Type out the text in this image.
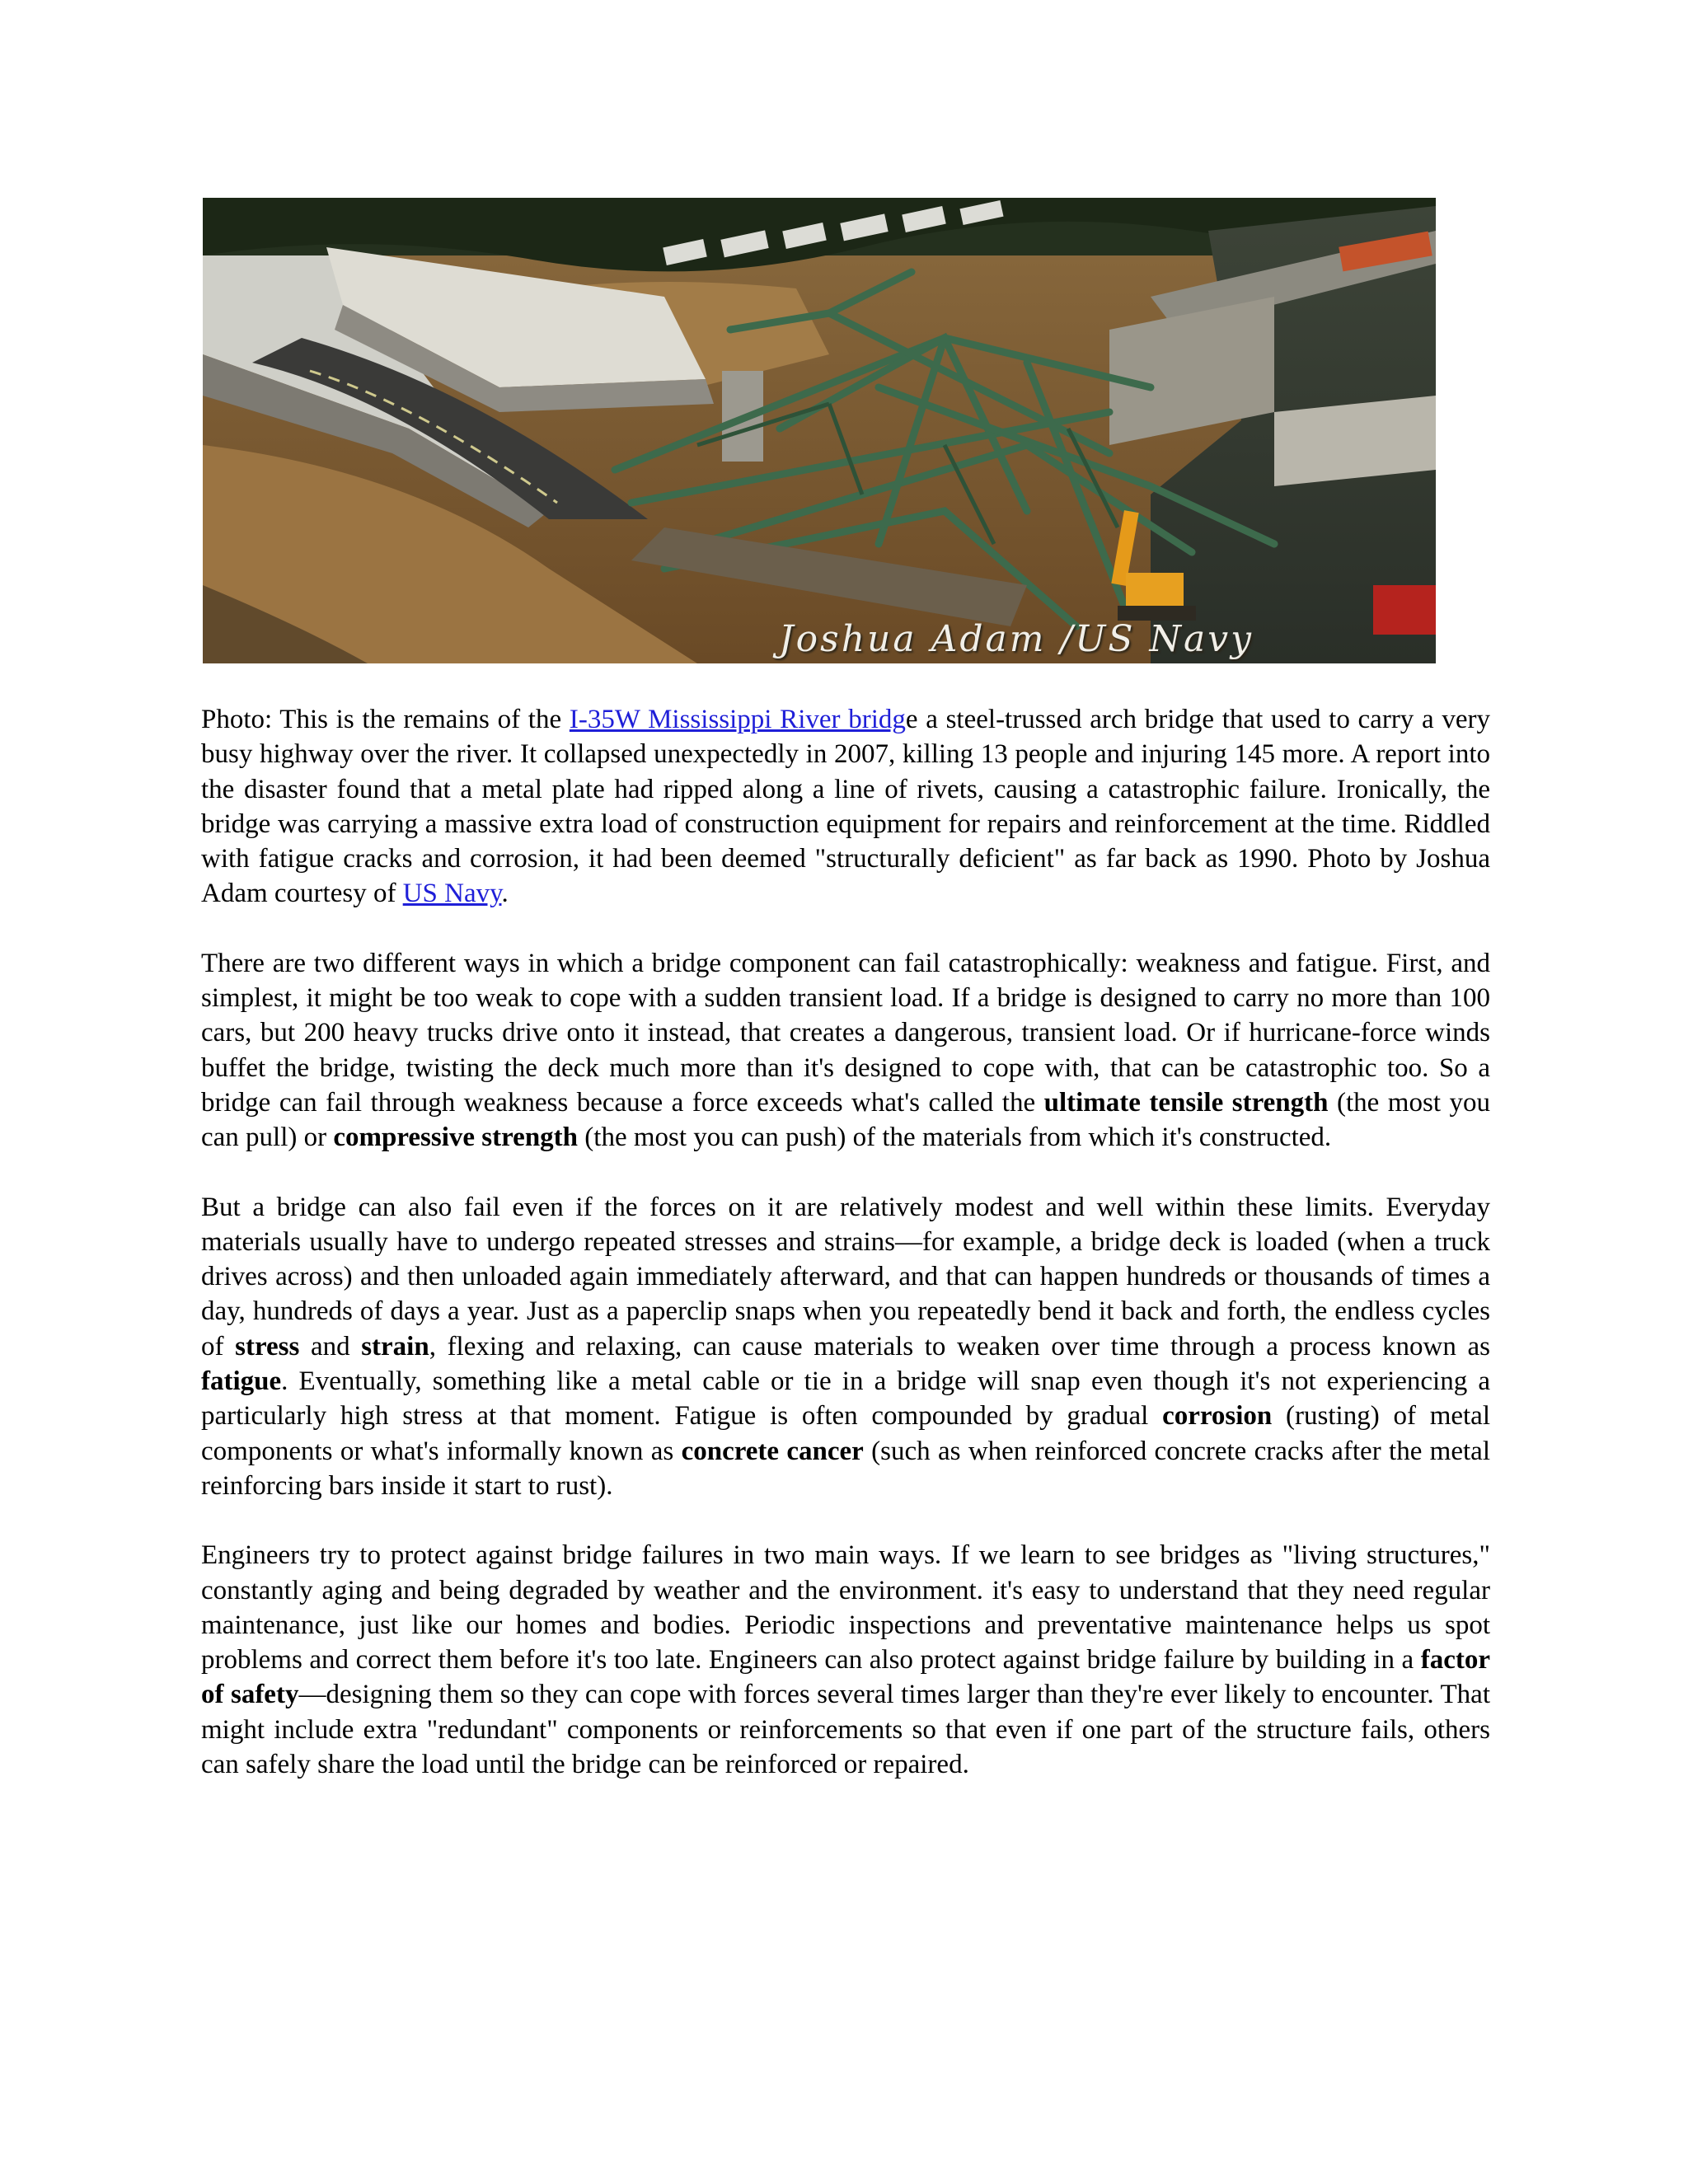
Joshua Adam /US Navy

Photo: This is the remains of the I-35W Mississippi River bridge a steel-trussed arch bridge that used to carry a very busy highway over the river. It collapsed unexpectedly in 2007, killing 13 people and injuring 145 more. A report into the disaster found that a metal plate had ripped along a line of rivets, causing a catastrophic failure. Ironically, the bridge was carrying a massive extra load of construction equipment for repairs and reinforcement at the time. Riddled with fatigue cracks and corrosion, it had been deemed "structurally deficient" as far back as 1990. Photo by Joshua Adam courtesy of US Navy.

There are two different ways in which a bridge component can fail catastrophically: weakness and fatigue. First, and simplest, it might be too weak to cope with a sudden transient load. If a bridge is designed to carry no more than 100 cars, but 200 heavy trucks drive onto it instead, that creates a dangerous, transient load. Or if hurricane-force winds buffet the bridge, twisting the deck much more than it's designed to cope with, that can be catastrophic too. So a bridge can fail through weakness because a force exceeds what's called the ultimate tensile strength (the most you can pull) or compressive strength (the most you can push) of the materials from which it's constructed.

But a bridge can also fail even if the forces on it are relatively modest and well within these limits. Everyday materials usually have to undergo repeated stresses and strains—for example, a bridge deck is loaded (when a truck drives across) and then unloaded again immediately afterward, and that can happen hundreds or thousands of times a day, hundreds of days a year. Just as a paperclip snaps when you repeatedly bend it back and forth, the endless cycles of stress and strain, flexing and relaxing, can cause materials to weaken over time through a process known as fatigue. Eventually, something like a metal cable or tie in a bridge will snap even though it's not experiencing a particularly high stress at that moment. Fatigue is often compounded by gradual corrosion (rusting) of metal components or what's informally known as concrete cancer (such as when reinforced concrete cracks after the metal reinforcing bars inside it start to rust).

Engineers try to protect against bridge failures in two main ways. If we learn to see bridges as "living structures," constantly aging and being degraded by weather and the environment. it's easy to understand that they need regular maintenance, just like our homes and bodies. Periodic inspections and preventative maintenance helps us spot problems and correct them before it's too late. Engineers can also protect against bridge failure by building in a factor of safety—designing them so they can cope with forces several times larger than they're ever likely to encounter. That might include extra "redundant" components or reinforcements so that even if one part of the structure fails, others can safely share the load until the bridge can be reinforced or repaired.
